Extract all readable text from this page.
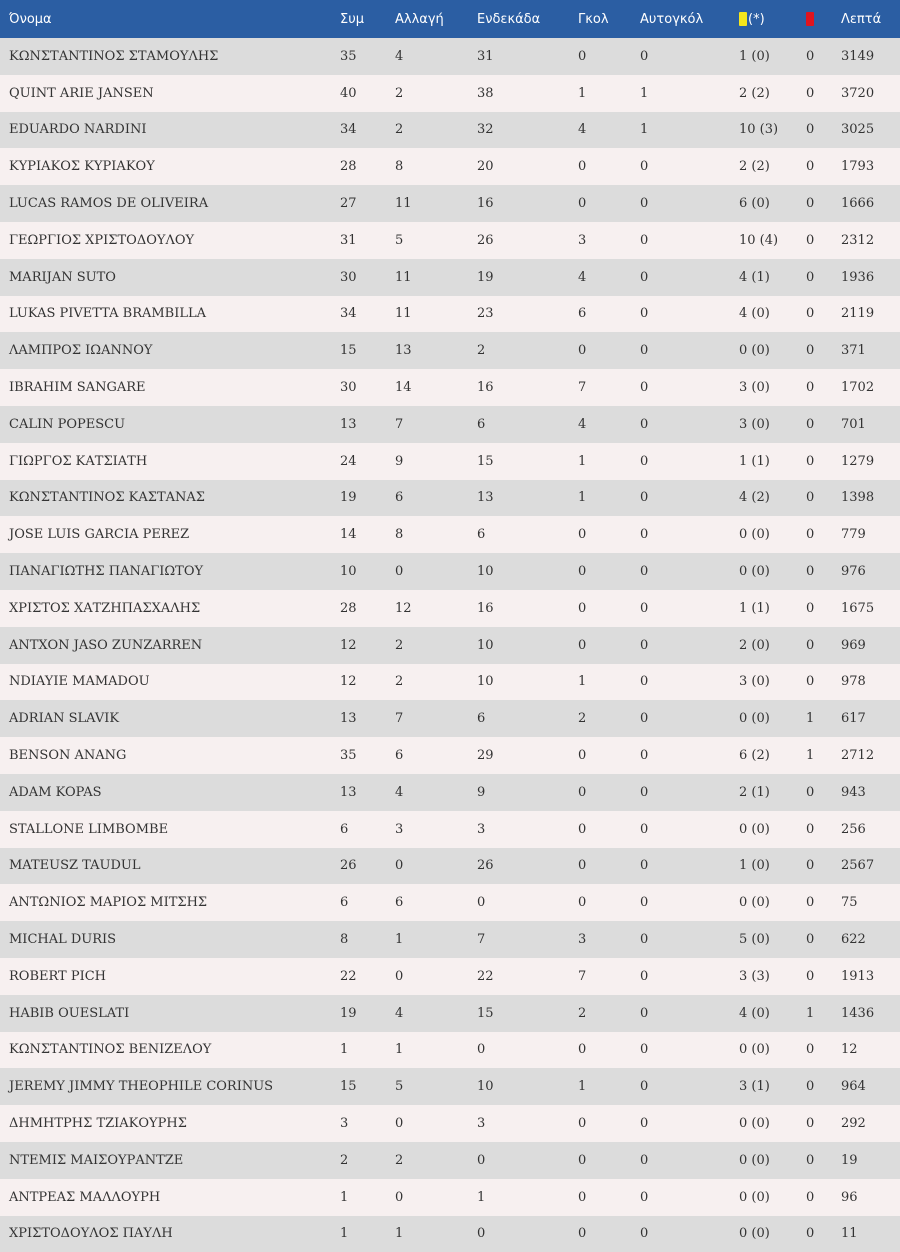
Όνομα	Συμ	Αλλαγή	Ενδεκάδα	Γκολ	Αυτογκόλ	(*)		Λεπτά
ΚΩΝΣΤΑΝΤΙΝΟΣ ΣΤΑΜΟΥΛΗΣ	35	4	31	0	0	1 (0)	0	3149
QUINT ARIE JANSEN	40	2	38	1	1	2 (2)	0	3720
EDUARDO NARDINI	34	2	32	4	1	10 (3)	0	3025
ΚΥΡΙΑΚΟΣ ΚΥΡΙΑΚΟΥ	28	8	20	0	0	2 (2)	0	1793
LUCAS RAMOS DE OLIVEIRA	27	11	16	0	0	6 (0)	0	1666
ΓΕΩΡΓΙΟΣ ΧΡΙΣΤΟΔΟΥΛΟΥ	31	5	26	3	0	10 (4)	0	2312
MARIJAN SUTO	30	11	19	4	0	4 (1)	0	1936
LUKAS PIVETTA BRAMBILLA	34	11	23	6	0	4 (0)	0	2119
ΛΑΜΠΡΟΣ ΙΩΑΝΝΟΥ	15	13	2	0	0	0 (0)	0	371
IBRAHIM SANGARE	30	14	16	7	0	3 (0)	0	1702
CALIN POPESCU	13	7	6	4	0	3 (0)	0	701
ΓΙΩΡΓΟΣ ΚΑΤΣΙΑΤΗ	24	9	15	1	0	1 (1)	0	1279
ΚΩΝΣΤΑΝΤΙΝΟΣ ΚΑΣΤΑΝΑΣ	19	6	13	1	0	4 (2)	0	1398
JOSE LUIS GARCIA PEREZ	14	8	6	0	0	0 (0)	0	779
ΠΑΝΑΓΙΩΤΗΣ ΠΑΝΑΓΙΩΤΟΥ	10	0	10	0	0	0 (0)	0	976
ΧΡΙΣΤΟΣ ΧΑΤΖΗΠΑΣΧΑΛΗΣ	28	12	16	0	0	1 (1)	0	1675
ANTXON JASO ZUNZARREN	12	2	10	0	0	2 (0)	0	969
NDIAYIE MAMADOU	12	2	10	1	0	3 (0)	0	978
ADRIAN SLAVIK	13	7	6	2	0	0 (0)	1	617
BENSON ANANG	35	6	29	0	0	6 (2)	1	2712
ADAM KOPAS	13	4	9	0	0	2 (1)	0	943
STALLONE LIMBOMBE	6	3	3	0	0	0 (0)	0	256
MATEUSZ TAUDUL	26	0	26	0	0	1 (0)	0	2567
ΑΝΤΩΝΙΟΣ ΜΑΡΙΟΣ ΜΙΤΣΗΣ	6	6	0	0	0	0 (0)	0	75
MICHAL DURIS	8	1	7	3	0	5 (0)	0	622
ROBERT PICH	22	0	22	7	0	3 (3)	0	1913
HABIB OUESLATI	19	4	15	2	0	4 (0)	1	1436
ΚΩΝΣΤΑΝΤΙΝΟΣ ΒΕΝΙΖΕΛΟΥ	1	1	0	0	0	0 (0)	0	12
JEREMY JIMMY THEOPHILE CORINUS	15	5	10	1	0	3 (1)	0	964
ΔΗΜΗΤΡΗΣ ΤΖΙΑΚΟΥΡΗΣ	3	0	3	0	0	0 (0)	0	292
ΝΤΕΜΙΣ ΜΑΙΣΟΥΡΑΝΤΖΕ	2	2	0	0	0	0 (0)	0	19
ΑΝΤΡΕΑΣ ΜΑΛΛΟΥΡΗ	1	0	1	0	0	0 (0)	0	96
ΧΡΙΣΤΟΔΟΥΛΟΣ ΠΑΥΛΗ	1	1	0	0	0	0 (0)	0	11
